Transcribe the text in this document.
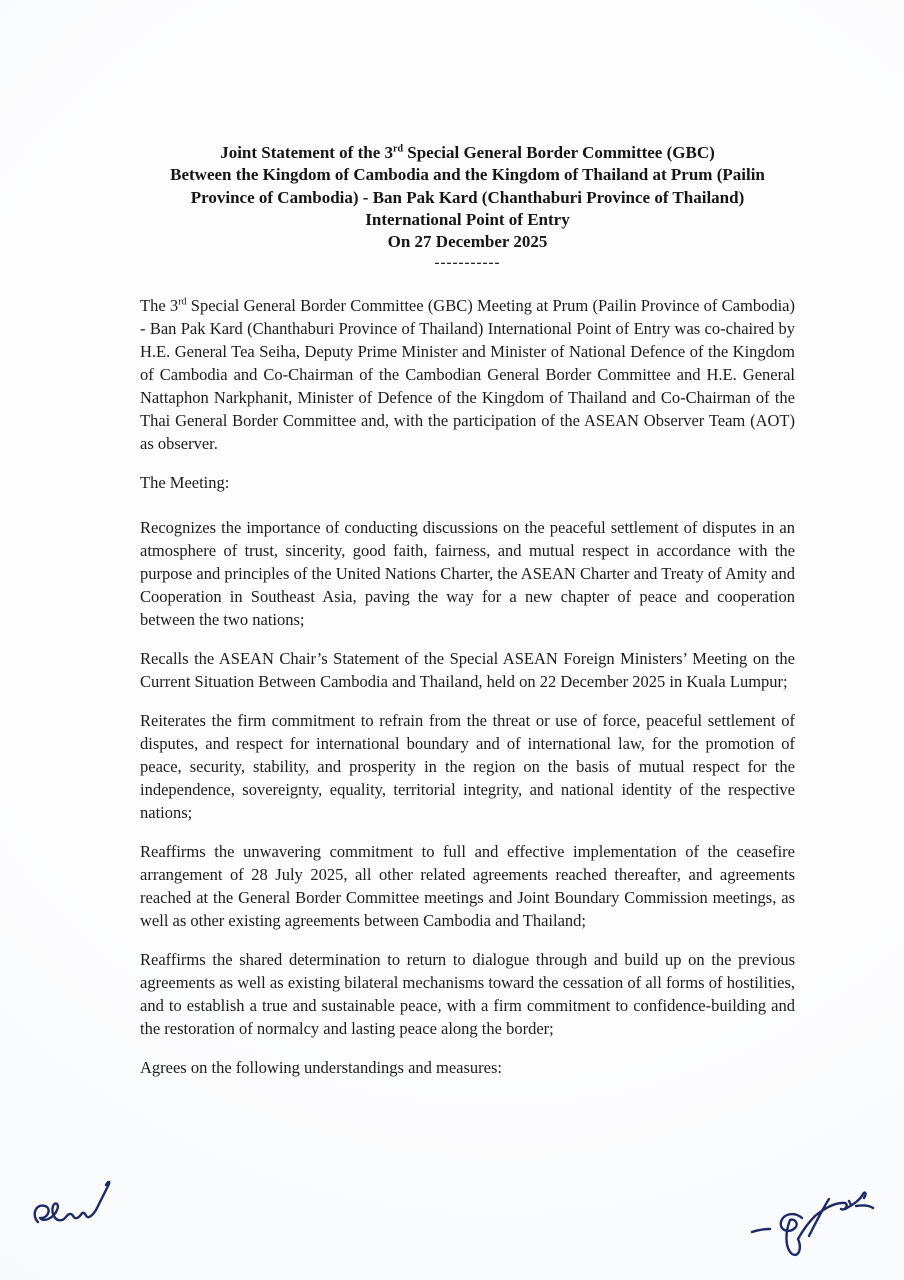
Joint Statement of the 3rd Special General Border Committee (GBC)
Between the Kingdom of Cambodia and the Kingdom of Thailand at Prum (Pailin
Province of Cambodia) - Ban Pak Kard (Chanthaburi Province of Thailand)
International Point of Entry
On 27 December 2025
-----------

The 3rd Special General Border Committee (GBC) Meeting at Prum (Pailin Province of Cambodia) - Ban Pak Kard (Chanthaburi Province of Thailand) International Point of Entry was co-chaired by H.E. General Tea Seiha, Deputy Prime Minister and Minister of National Defence of the Kingdom of Cambodia and Co-Chairman of the Cambodian General Border Committee and H.E. General Nattaphon Narkphanit, Minister of Defence of the Kingdom of Thailand and Co-Chairman of the Thai General Border Committee and, with the participation of the ASEAN Observer Team (AOT) as observer.

The Meeting:

Recognizes the importance of conducting discussions on the peaceful settlement of disputes in an atmosphere of trust, sincerity, good faith, fairness, and mutual respect in accordance with the purpose and principles of the United Nations Charter, the ASEAN Charter and Treaty of Amity and Cooperation in Southeast Asia, paving the way for a new chapter of peace and cooperation between the two nations;

Recalls the ASEAN Chair’s Statement of the Special ASEAN Foreign Ministers’ Meeting on the Current Situation Between Cambodia and Thailand, held on 22 December 2025 in Kuala Lumpur;

Reiterates the firm commitment to refrain from the threat or use of force, peaceful settlement of disputes, and respect for international boundary and of international law, for the promotion of peace, security, stability, and prosperity in the region on the basis of mutual respect for the independence, sovereignty, equality, territorial integrity, and national identity of the respective nations;

Reaffirms the unwavering commitment to full and effective implementation of the ceasefire arrangement of 28 July 2025, all other related agreements reached thereafter, and agreements reached at the General Border Committee meetings and Joint Boundary Commission meetings, as well as other existing agreements between Cambodia and Thailand;

Reaffirms the shared determination to return to dialogue through and build up on the previous agreements as well as existing bilateral mechanisms toward the cessation of all forms of hostilities, and to establish a true and sustainable peace, with a firm commitment to confidence-building and the restoration of normalcy and lasting peace along the border;

Agrees on the following understandings and measures:
